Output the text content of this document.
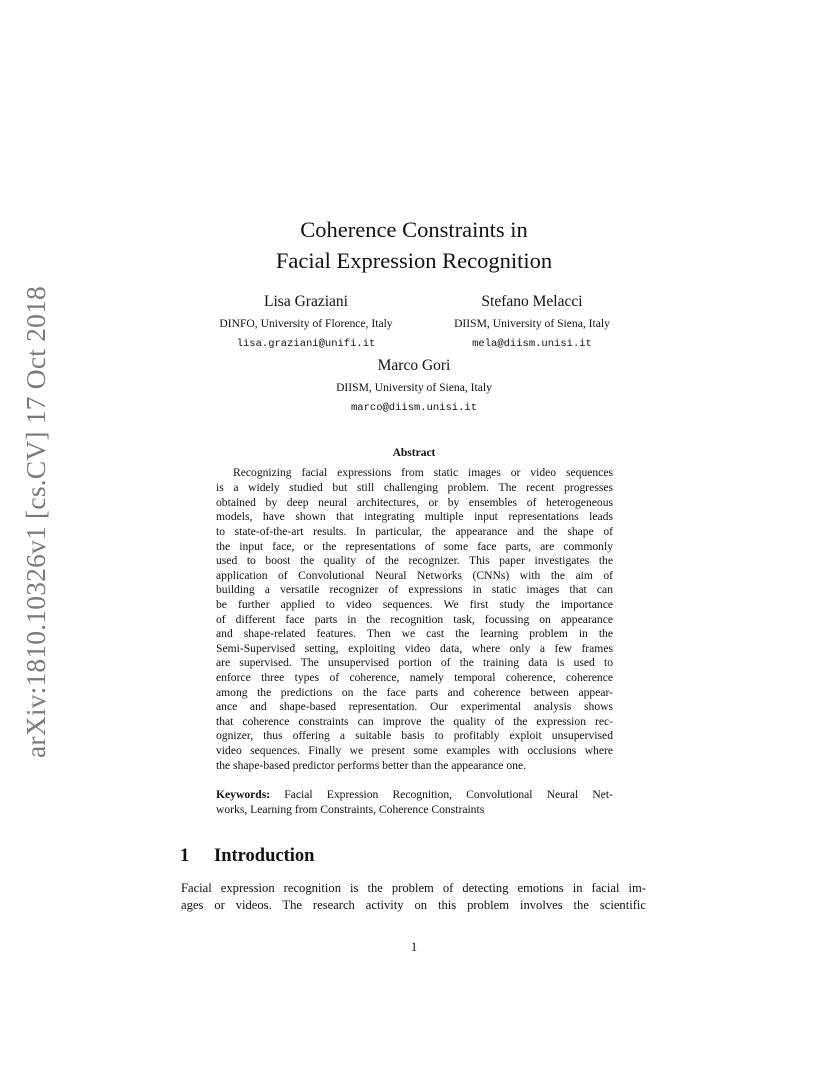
arXiv:1810.10326v1 [cs.CV] 17 Oct 2018
Coherence Constraints in
Facial Expression Recognition
Lisa Graziani
DINFO, University of Florence, Italy
lisa.graziani@unifi.it
Stefano Melacci
DIISM, University of Siena, Italy
mela@diism.unisi.it
Marco Gori
DIISM, University of Siena, Italy
marco@diism.unisi.it
Abstract
Recognizing facial expressions from static images or video sequences
is a widely studied but still challenging problem. The recent progresses
obtained by deep neural architectures, or by ensembles of heterogeneous
models, have shown that integrating multiple input representations leads
to state-of-the-art results. In particular, the appearance and the shape of
the input face, or the representations of some face parts, are commonly
used to boost the quality of the recognizer. This paper investigates the
application of Convolutional Neural Networks (CNNs) with the aim of
building a versatile recognizer of expressions in static images that can
be further applied to video sequences. We first study the importance
of different face parts in the recognition task, focussing on appearance
and shape-related features. Then we cast the learning problem in the
Semi-Supervised setting, exploiting video data, where only a few frames
are supervised. The unsupervised portion of the training data is used to
enforce three types of coherence, namely temporal coherence, coherence
among the predictions on the face parts and coherence between appear-
ance and shape-based representation. Our experimental analysis shows
that coherence constraints can improve the quality of the expression rec-
ognizer, thus offering a suitable basis to profitably exploit unsupervised
video sequences. Finally we present some examples with occlusions where
the shape-based predictor performs better than the appearance one.
Keywords: Facial Expression Recognition, Convolutional Neural Net-
works, Learning from Constraints, Coherence Constraints
1 Introduction
Facial expression recognition is the problem of detecting emotions in facial im-
ages or videos. The research activity on this problem involves the scientific
1
